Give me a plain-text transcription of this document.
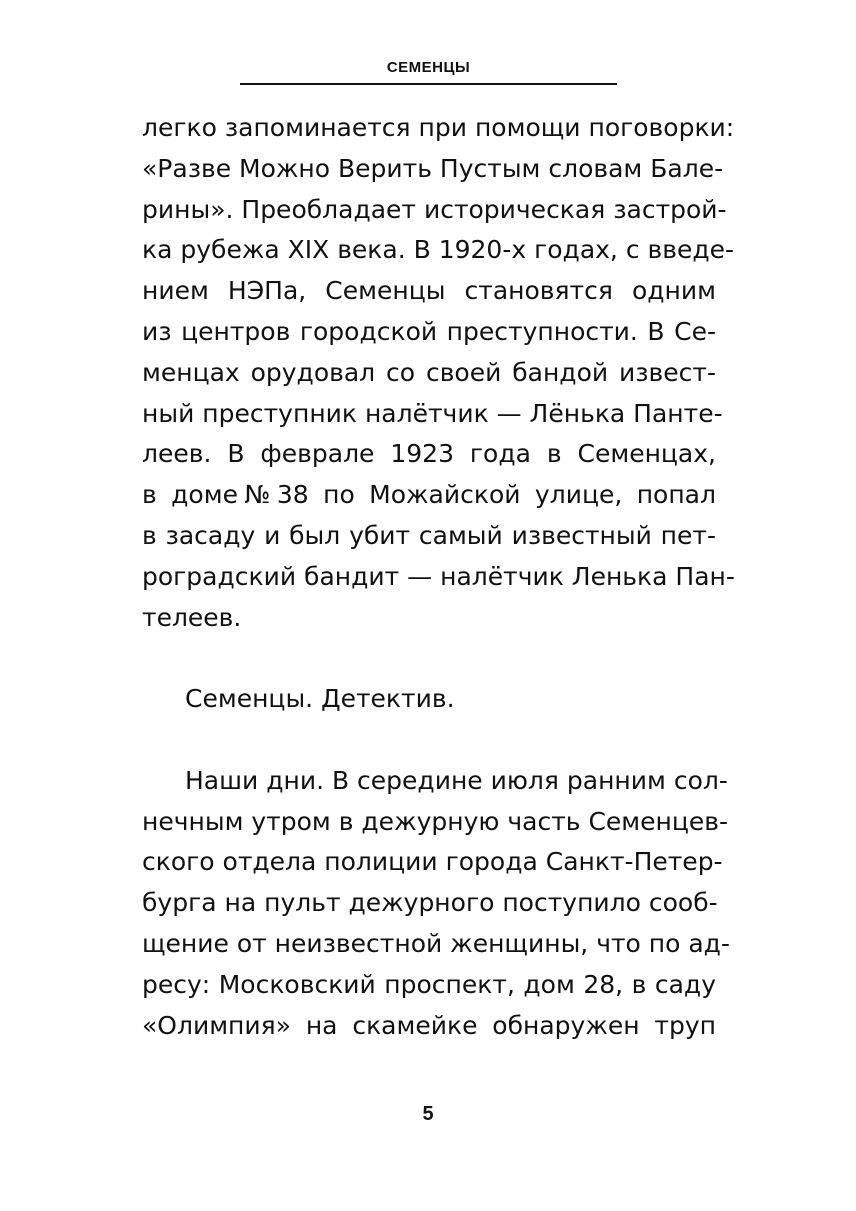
СЕМЕНЦЫ
легко запоминается при помощи поговорки:
«Разве Можно Верить Пустым словам Бале-
рины». Преобладает историческая застрой-
ка рубежа XIX века. В 1920-х годах, с введе-
нием НЭПа, Семенцы становятся одним
из центров городской преступности. В Се-
менцах орудовал со своей бандой извест-
ный преступник налётчик — Лёнька Панте-
леев. В феврале 1923 года в Семенцах,
в доме№38 по Можайской улице, попал
в засаду и был убит самый известный пет-
роградский бандит — налётчик Ленька Пан-
телеев.
Семенцы. Детектив.
Наши дни. В середине июля ранним сол-
нечным утром в дежурную часть Семенцев-
ского отдела полиции города Санкт-Петер-
бурга на пульт дежурного поступило сооб-
щение от неизвестной женщины, что по ад-
ресу: Московский проспект, дом 28, в саду
«Олимпия» на скамейке обнаружен труп
5
